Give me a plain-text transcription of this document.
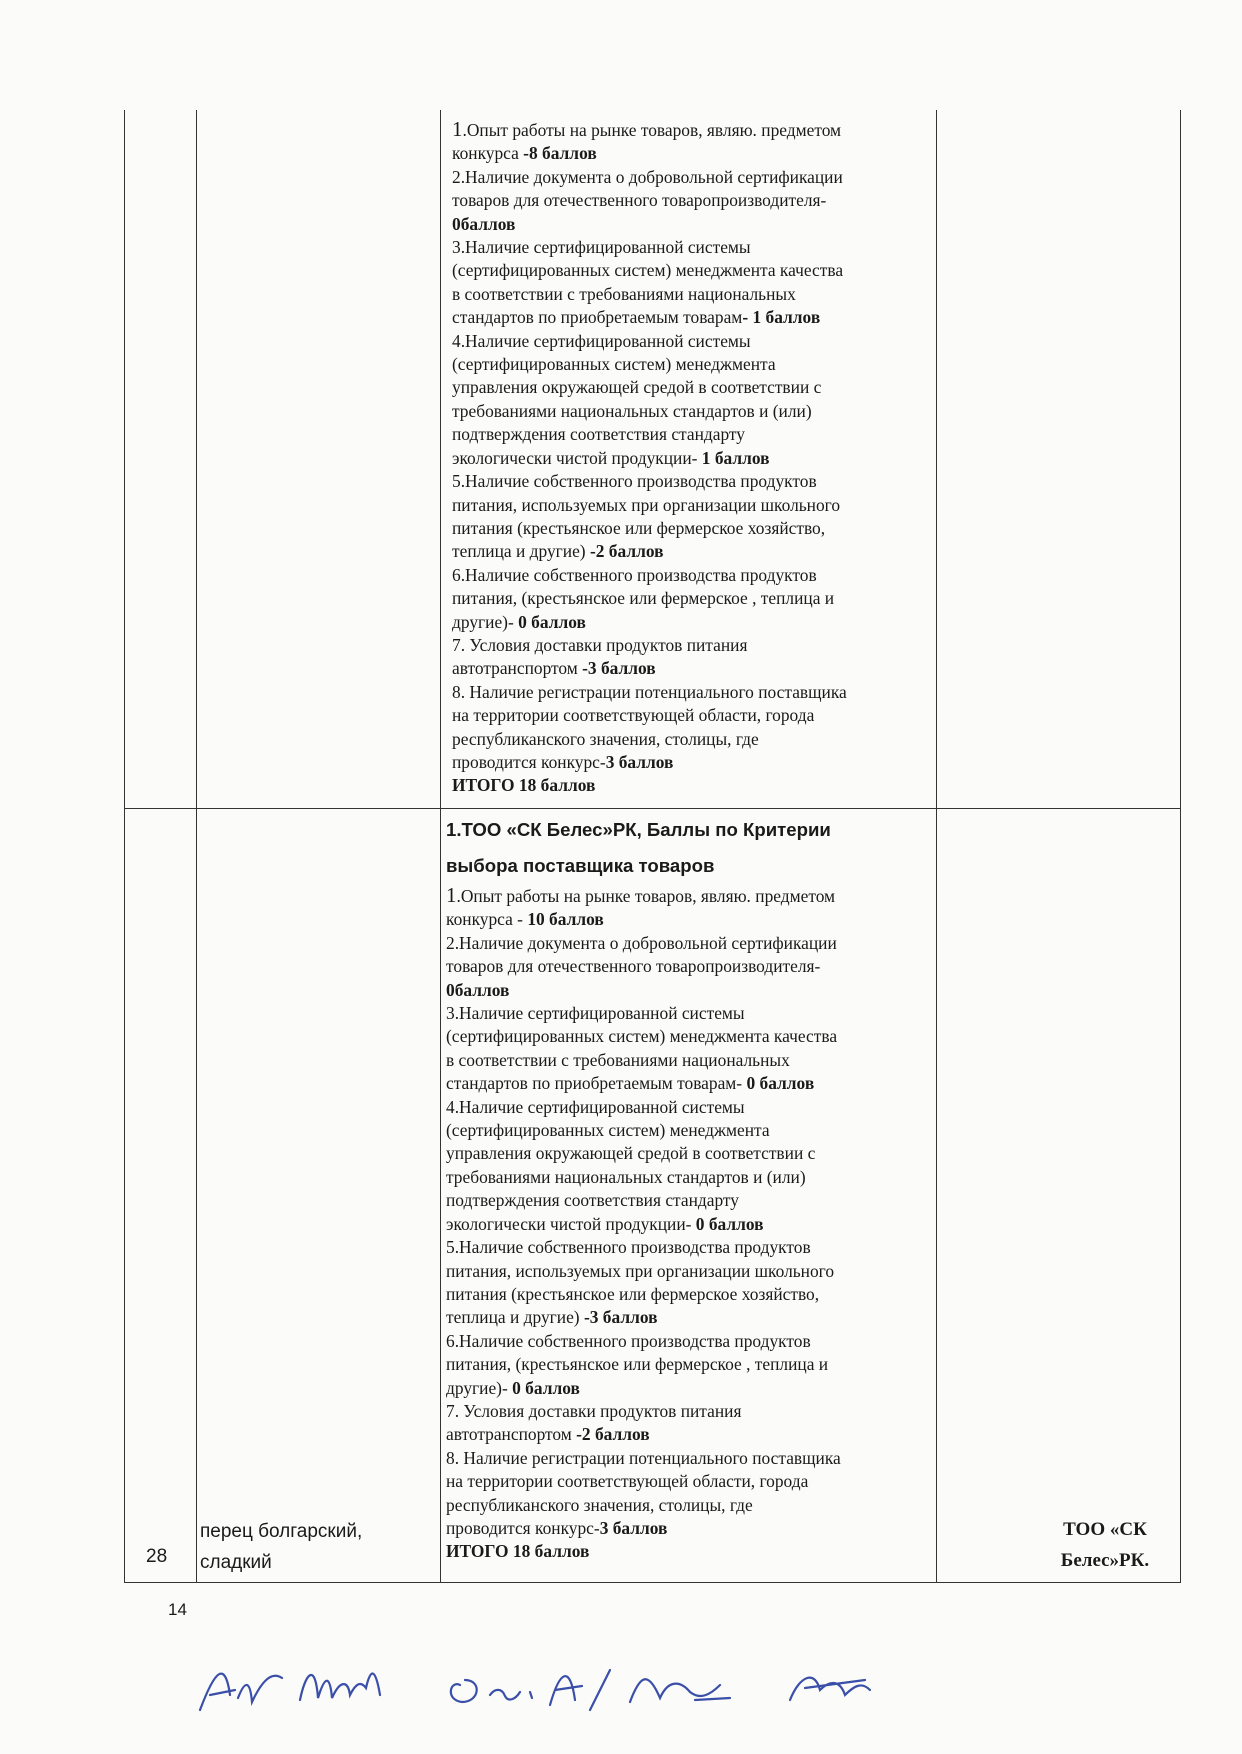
1.Опыт работы на рынке товаров, являю. предметом

конкурса -8 баллов

2.Наличие документа о добровольной сертификации

товаров для отечественного товаропроизводителя-

0баллов

3.Наличие сертифицированной системы

(сертифицированных систем) менеджмента качества

в соответствии с требованиями национальных

стандартов по приобретаемым товарам- 1 баллов

4.Наличие сертифицированной системы

(сертифицированных систем) менеджмента

управления окружающей средой в соответствии с

требованиями национальных стандартов и (или)

подтверждения соответствия стандарту

экологически чистой продукции- 1 баллов

5.Наличие собственного производства продуктов

питания, используемых при организации школьного

питания (крестьянское или фермерское хозяйство,

теплица и другие) -2 баллов

6.Наличие собственного производства продуктов

питания, (крестьянское или фермерское , теплица и

другие)- 0 баллов

7. Условия доставки продуктов питания

автотранспортом -3 баллов

8. Наличие регистрации потенциального поставщика

на территории соответствующей области, города

республиканского значения, столицы, где

проводится конкурс-3 баллов

ИТОГО 18 баллов

1.ТОО «СК Белес»РК, Баллы по Критерии
выбора поставщика товаров

1.Опыт работы на рынке товаров, являю. предметом

конкурса - 10 баллов

2.Наличие документа о добровольной сертификации

товаров для отечественного товаропроизводителя-

0баллов

3.Наличие сертифицированной системы

(сертифицированных систем) менеджмента качества

в соответствии с требованиями национальных

стандартов по приобретаемым товарам- 0 баллов

4.Наличие сертифицированной системы

(сертифицированных систем) менеджмента

управления окружающей средой в соответствии с

требованиями национальных стандартов и (или)

подтверждения соответствия стандарту

экологически чистой продукции- 0 баллов

5.Наличие собственного производства продуктов

питания, используемых при организации школьного

питания (крестьянское или фермерское хозяйство,

теплица и другие) -3 баллов

6.Наличие собственного производства продуктов

питания, (крестьянское или фермерское , теплица и

другие)- 0 баллов

7. Условия доставки продуктов питания

автотранспортом -2 баллов

8. Наличие регистрации потенциального поставщика

на территории соответствующей области, города

республиканского значения, столицы, где

проводится конкурс-3 баллов

ИТОГО 18 баллов

28
перец болгарский,
сладкий
ТОО «СК
Белес»РК.
14
